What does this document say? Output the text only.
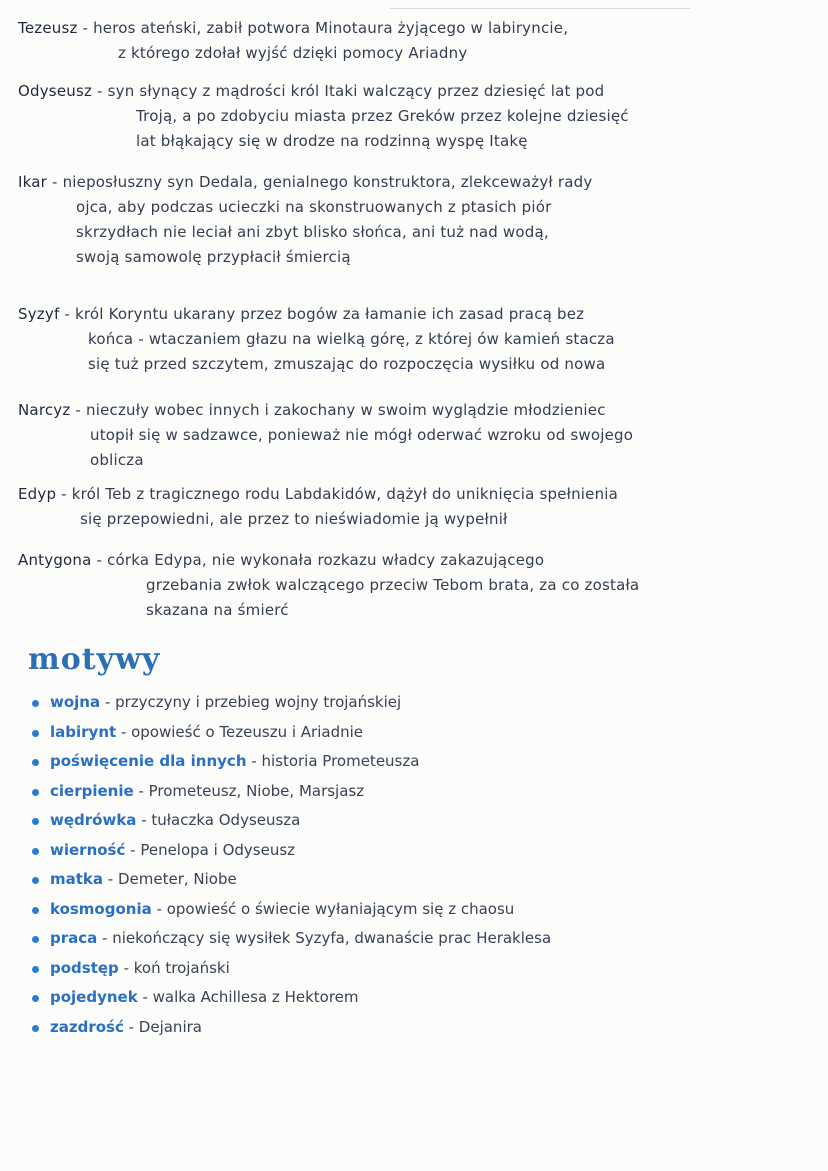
Tezeusz - heros ateński, zabił potwora Minotaura żyjącego w labiryncie,
z którego zdołał wyjść dzięki pomocy Ariadny
Odyseusz - syn słynący z mądrości król Itaki walczący przez dziesięć lat pod
Troją, a po zdobyciu miasta przez Greków przez kolejne dziesięć
lat błąkający się w drodze na rodzinną wyspę Itakę
Ikar - nieposłuszny syn Dedala, genialnego konstruktora, zlekceważył rady
ojca, aby podczas ucieczki na skonstruowanych z ptasich piór
skrzydłach nie leciał ani zbyt blisko słońca, ani tuż nad wodą,
swoją samowolę przypłacił śmiercią
Syzyf - król Koryntu ukarany przez bogów za łamanie ich zasad pracą bez
końca - wtaczaniem głazu na wielką górę, z której ów kamień stacza
się tuż przed szczytem, zmuszając do rozpoczęcia wysiłku od nowa
Narcyz - nieczuły wobec innych i zakochany w swoim wyglądzie młodzieniec
utopił się w sadzawce, ponieważ nie mógł oderwać wzroku od swojego
oblicza
Edyp - król Teb z tragicznego rodu Labdakidów, dążył do uniknięcia spełnienia
się przepowiedni, ale przez to nieświadomie ją wypełnił
Antygona - córka Edypa, nie wykonała rozkazu władcy zakazującego
grzebania zwłok walczącego przeciw Tebom brata, za co została
skazana na śmierć
motywy
wojna - przyczyny i przebieg wojny trojańskiej
labirynt - opowieść o Tezeuszu i Ariadnie
poświęcenie dla innych - historia Prometeusza
cierpienie - Prometeusz, Niobe, Marsjasz
wędrówka - tułaczka Odyseusza
wierność - Penelopa i Odyseusz
matka - Demeter, Niobe
kosmogonia - opowieść o świecie wyłaniającym się z chaosu
praca - niekończący się wysiłek Syzyfa, dwanaście prac Heraklesa
podstęp - koń trojański
pojedynek - walka Achillesa z Hektorem
zazdrość - Dejanira
